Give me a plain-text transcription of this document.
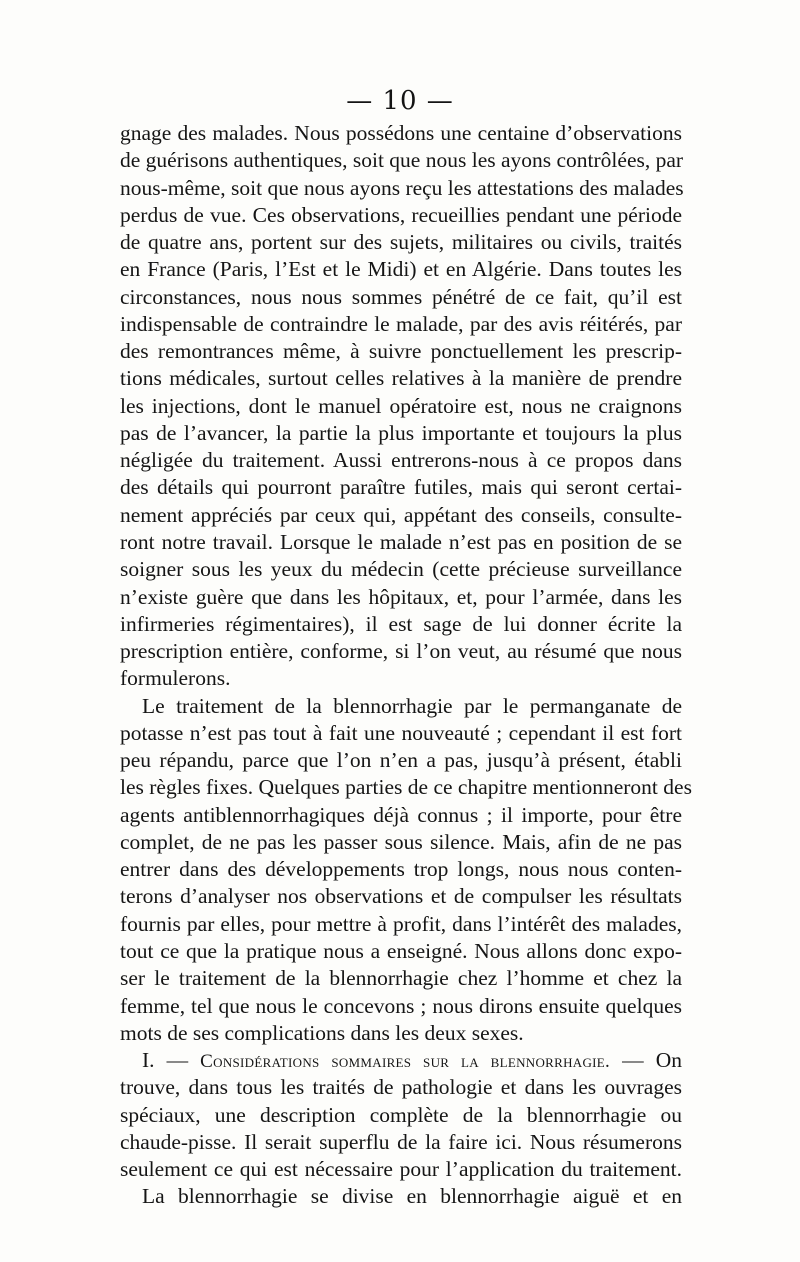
— 10 —
gnage des malades. Nous possédons une centaine d’observations
de guérisons authentiques, soit que nous les ayons contrôlées, par
nous-même, soit que nous ayons reçu les attestations des malades
perdus de vue. Ces observations, recueillies pendant une période
de quatre ans, portent sur des sujets, militaires ou civils, traités
en France (Paris, l’Est et le Midi) et en Algérie. Dans toutes les
circonstances, nous nous sommes pénétré de ce fait, qu’il est
indispensable de contraindre le malade, par des avis réitérés, par
des remontrances même, à suivre ponctuellement les prescrip-
tions médicales, surtout celles relatives à la manière de prendre
les injections, dont le manuel opératoire est, nous ne craignons
pas de l’avancer, la partie la plus importante et toujours la plus
négligée du traitement. Aussi entrerons-nous à ce propos dans
des détails qui pourront paraître futiles, mais qui seront certai-
nement appréciés par ceux qui, appétant des conseils, consulte-
ront notre travail. Lorsque le malade n’est pas en position de se
soigner sous les yeux du médecin (cette précieuse surveillance
n’existe guère que dans les hôpitaux, et, pour l’armée, dans les
infirmeries régimentaires), il est sage de lui donner écrite la
prescription entière, conforme, si l’on veut, au résumé que nous
formulerons.
Le traitement de la blennorrhagie par le permanganate de
potasse n’est pas tout à fait une nouveauté ; cependant il est fort
peu répandu, parce que l’on n’en a pas, jusqu’à présent, établi
les règles fixes. Quelques parties de ce chapitre mentionneront des
agents antiblennorrhagiques déjà connus ; il importe, pour être
complet, de ne pas les passer sous silence. Mais, afin de ne pas
entrer dans des développements trop longs, nous nous conten-
terons d’analyser nos observations et de compulser les résultats
fournis par elles, pour mettre à profit, dans l’intérêt des malades,
tout ce que la pratique nous a enseigné. Nous allons donc expo-
ser le traitement de la blennorrhagie chez l’homme et chez la
femme, tel que nous le concevons ; nous dirons ensuite quelques
mots de ses complications dans les deux sexes.
I. — Considérations sommaires sur la blennorrhagie. — On
trouve, dans tous les traités de pathologie et dans les ouvrages
spéciaux, une description complète de la blennorrhagie ou
chaude-pisse. Il serait superflu de la faire ici. Nous résumerons
seulement ce qui est nécessaire pour l’application du traitement.
La blennorrhagie se divise en blennorrhagie aiguë et en
